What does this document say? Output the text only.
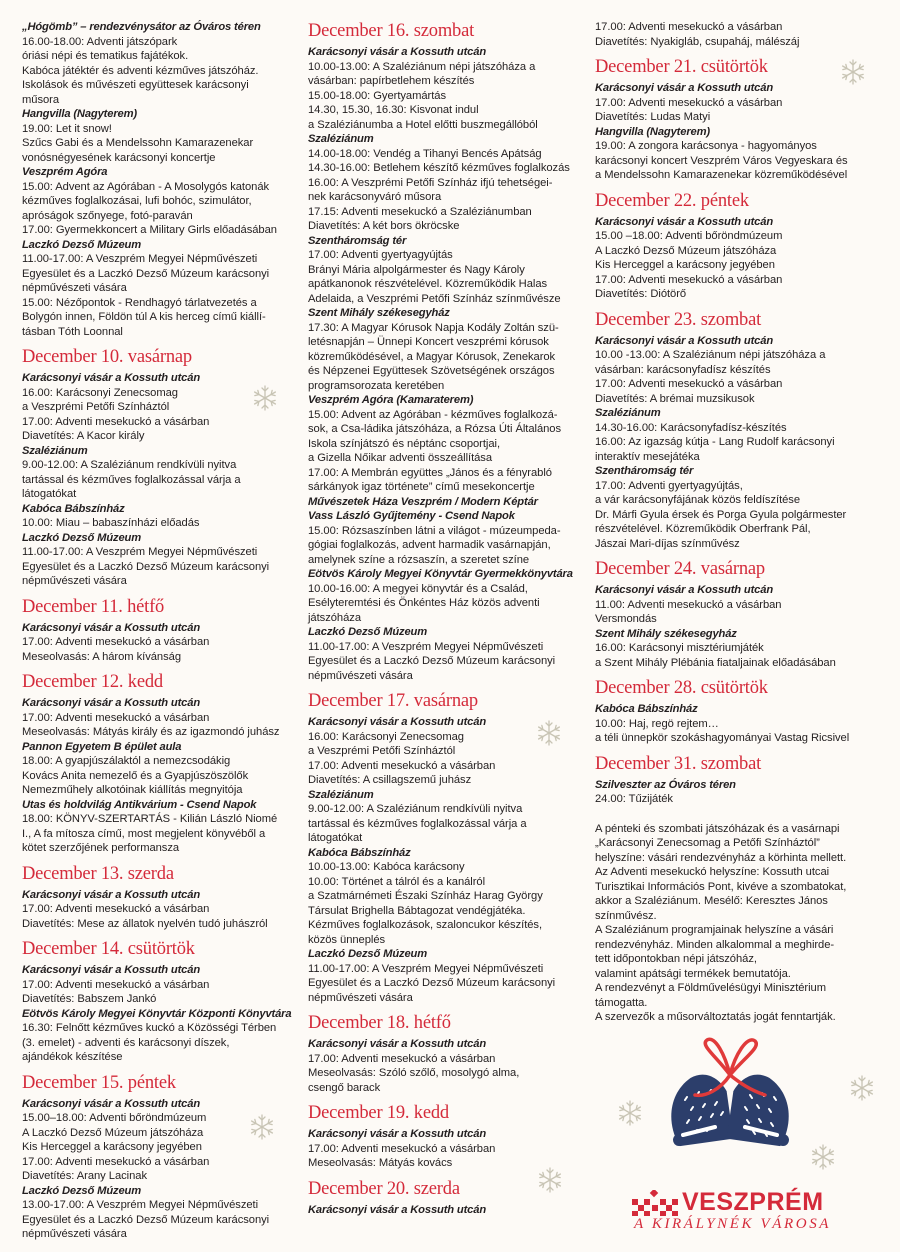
„Hógömb” – rendezvénysátor az Óváros téren
16.00-18.00: Adventi játszópark
óriási népi és tematikus fajátékok.
Kabóca játéktér és adventi kézműves játszóház.
Iskolások és művészeti együttesek karácsonyi
műsora
Hangvilla (Nagyterem)
19.00: Let it snow!
Szűcs Gabi és a Mendelssohn Kamarazenekar
vonósnégyesének karácsonyi koncertje
Veszprém Agóra
15.00: Advent az Agórában - A Mosolygós katonák
kézműves foglalkozásai, lufi bohóc, szimulátor,
apróságok szőnyege, fotó-paraván
17.00: Gyermekkoncert a Military Girls előadásában
Laczkó Dezső Múzeum
11.00-17.00: A Veszprém Megyei Népművészeti
Egyesület és a Laczkó Dezső Múzeum karácsonyi
népművészeti vására
15.00: Nézőpontok - Rendhagyó tárlatvezetés a
Bolygón innen, Földön túl A kis herceg című kiállí-
tásban Tóth Loonnal
December 10. vasárnap
Karácsonyi vásár a Kossuth utcán
16.00: Karácsonyi Zenecsomag
a Veszprémi Petőfi Színháztól
17.00: Adventi mesekuckó a vásárban
Diavetítés: A Kacor király
Szaléziánum
9.00-12.00: A Szaléziánum rendkívüli nyitva
tartással és kézműves foglalkozással várja a
látogatókat
Kabóca Bábszínház
10.00: Miau – babaszínházi előadás
Laczkó Dezső Múzeum
11.00-17.00: A Veszprém Megyei Népművészeti
Egyesület és a Laczkó Dezső Múzeum karácsonyi
népművészeti vására
December 11. hétfő
Karácsonyi vásár a Kossuth utcán
17.00: Adventi mesekuckó a vásárban
Meseolvasás: A három kívánság
December 12. kedd
Karácsonyi vásár a Kossuth utcán
17.00: Adventi mesekuckó a vásárban
Meseolvasás: Mátyás király és az igazmondó juhász
Pannon Egyetem B épület aula
18.00: A gyapjúszálaktól a nemezcsodákig
Kovács Anita nemezelő és a Gyapjúszöszölők
Nemezműhely alkotóinak kiállítás megnyitója
Utas és holdvilág Antikvárium - Csend Napok
18.00: KÖNYV-SZERTARTÁS - Kilián László Niomé
I., A fa mítosza című, most megjelent könyvéből a
kötet szerzőjének performansza
December 13. szerda
Karácsonyi vásár a Kossuth utcán
17.00: Adventi mesekuckó a vásárban
Diavetítés: Mese az állatok nyelvén tudó juhászról
December 14. csütörtök
Karácsonyi vásár a Kossuth utcán
17.00: Adventi mesekuckó a vásárban
Diavetítés: Babszem Jankó
Eötvös Károly Megyei Könyvtár Központi Könyvtára
16.30: Felnőtt kézműves kuckó a Közösségi Térben
(3. emelet) - adventi és karácsonyi díszek,
ajándékok készítése
December 15. péntek
Karácsonyi vásár a Kossuth utcán
15.00–18.00: Adventi bőröndmúzeum
A Laczkó Dezső Múzeum játszóháza
Kis Herceggel a karácsony jegyében
17.00: Adventi mesekuckó a vásárban
Diavetítés: Arany Lacinak
Laczkó Dezső Múzeum
13.00-17.00: A Veszprém Megyei Népművészeti
Egyesület és a Laczkó Dezső Múzeum karácsonyi
népművészeti vására
December 16. szombat
Karácsonyi vásár a Kossuth utcán
10.00-13.00: A Szaléziánum népi játszóháza a
vásárban: papírbetlehem készítés
15.00-18.00: Gyertyamártás
14.30, 15.30, 16.30: Kisvonat indul
a Szaléziánumba a Hotel előtti buszmegállóból
Szaléziánum
14.00-18.00: Vendég a Tihanyi Bencés Apátság
14.30-16.00: Betlehem készítő kézműves foglalkozás
16.00: A Veszprémi Petőfi Színház ifjú tehetségei-
nek karácsonyváró műsora
17.15: Adventi mesekuckó a Szaléziánumban
Diavetítés: A két bors ökröcske
Szentháromság tér
17.00: Adventi gyertyagyújtás
Brányi Mária alpolgármester és Nagy Károly
apátkanonok részvételével. Közreműködik Halas
Adelaida, a Veszprémi Petőfi Színház színművésze
Szent Mihály székesegyház
17.30: A Magyar Kórusok Napja Kodály Zoltán szü-
letésnapján – Ünnepi Koncert veszprémi kórusok
közreműködésével, a Magyar Kórusok, Zenekarok
és Népzenei Együttesek Szövetségének országos
programsorozata keretében
Veszprém Agóra (Kamaraterem)
15.00: Advent az Agórában - kézműves foglalkozá-
sok, a Csa-ládika játszóháza, a Rózsa Úti Általános
Iskola színjátszó és néptánc csoportjai,
a Gizella Nőikar adventi összeállítása
17.00: A Membrán együttes „János és a fényrabló
sárkányok igaz története” című mesekoncertje
Művészetek Háza Veszprém / Modern Képtár
Vass László Gyűjtemény - Csend Napok
15.00: Rózsaszínben látni a világot - múzeumpeda-
gógiai foglalkozás, advent harmadik vasárnapján,
amelynek színe a rózsaszín, a szeretet színe
Eötvös Károly Megyei Könyvtár Gyermekkönyvtára
10.00-16.00: A megyei könyvtár és a Család,
Esélyteremtési és Önkéntes Ház közös adventi
játszóháza
Laczkó Dezső Múzeum
11.00-17.00: A Veszprém Megyei Népművészeti
Egyesület és a Laczkó Dezső Múzeum karácsonyi
népművészeti vására
December 17. vasárnap
Karácsonyi vásár a Kossuth utcán
16.00: Karácsonyi Zenecsomag
a Veszprémi Petőfi Színháztól
17.00: Adventi mesekuckó a vásárban
Diavetítés: A csillagszemű juhász
Szaléziánum
9.00-12.00: A Szaléziánum rendkívüli nyitva
tartással és kézműves foglalkozással várja a
látogatókat
Kabóca Bábszínház
10.00-13.00: Kabóca karácsony
10.00: Történet a tálról és a kanálról
a Szatmárnémeti Északi Színház Harag György
Társulat Brighella Bábtagozat vendégjátéka.
Kézműves foglalkozások, szaloncukor készítés,
közös ünneplés
Laczkó Dezső Múzeum
11.00-17.00: A Veszprém Megyei Népművészeti
Egyesület és a Laczkó Dezső Múzeum karácsonyi
népművészeti vására
December 18. hétfő
Karácsonyi vásár a Kossuth utcán
17.00: Adventi mesekuckó a vásárban
Meseolvasás: Szóló szőlő, mosolygó alma,
csengő barack
December 19. kedd
Karácsonyi vásár a Kossuth utcán
17.00: Adventi mesekuckó a vásárban
Meseolvasás: Mátyás kovács
December 20. szerda
Karácsonyi vásár a Kossuth utcán
17.00: Adventi mesekuckó a vásárban
Diavetítés: Nyakigláb, csupaháj, málészáj
December 21. csütörtök
Karácsonyi vásár a Kossuth utcán
17.00: Adventi mesekuckó a vásárban
Diavetítés: Ludas Matyi
Hangvilla (Nagyterem)
19.00: A zongora karácsonya - hagyományos
karácsonyi koncert Veszprém Város Vegyeskara és
a Mendelssohn Kamarazenekar közreműködésével
December 22. péntek
Karácsonyi vásár a Kossuth utcán
15.00 –18.00: Adventi bőröndmúzeum
A Laczkó Dezső Múzeum játszóháza
Kis Herceggel a karácsony jegyében
17.00: Adventi mesekuckó a vásárban
Diavetítés: Diótörő
December 23. szombat
Karácsonyi vásár a Kossuth utcán
10.00 -13.00: A Szaléziánum népi játszóháza a
vásárban: karácsonyfadísz készítés
17.00: Adventi mesekuckó a vásárban
Diavetítés: A brémai muzsikusok
Szaléziánum
14.30-16.00: Karácsonyfadísz-készítés
16.00: Az igazság kútja - Lang Rudolf karácsonyi
interaktív mesejátéka
Szentháromság tér
17.00: Adventi gyertyagyújtás,
a vár karácsonyfájának közös feldíszítése
Dr. Márfi Gyula érsek és Porga Gyula polgármester
részvételével. Közreműködik Oberfrank Pál,
Jászai Mari-díjas színművész
December 24. vasárnap
Karácsonyi vásár a Kossuth utcán
11.00: Adventi mesekuckó a vásárban
Versmondás
Szent Mihály székesegyház
16.00: Karácsonyi misztériumjáték
a Szent Mihály Plébánia fiataljainak előadásában
December 28. csütörtök
Kabóca Bábszínház
10.00: Haj, regö rejtem…
a téli ünnepkör szokáshagyományai Vastag Ricsivel
December 31. szombat
Szilveszter az Óváros téren
24.00: Tűzijáték
A pénteki és szombati játszóházak és a vasárnapi
„Karácsonyi Zenecsomag a Petőfi Színháztól”
helyszíne: vásári rendezvényház a körhinta mellett.
Az Adventi mesekuckó helyszíne: Kossuth utcai
Turisztikai Információs Pont, kivéve a szombatokat,
akkor a Szaléziánum. Mesélő: Keresztes János
színművész.
A Szaléziánum programjainak helyszíne a vásári
rendezvényház. Minden alkalommal a meghirde-
tett időpontokban népi játszóház,
valamint apátsági termékek bemutatója.
A rendezvényt a Földművelésügyi Minisztérium
támogatta.
A szervezők a műsorváltoztatás jogát fenntartják.
VESZPRÉM
A KIRÁLYNÉK VÁROSA
